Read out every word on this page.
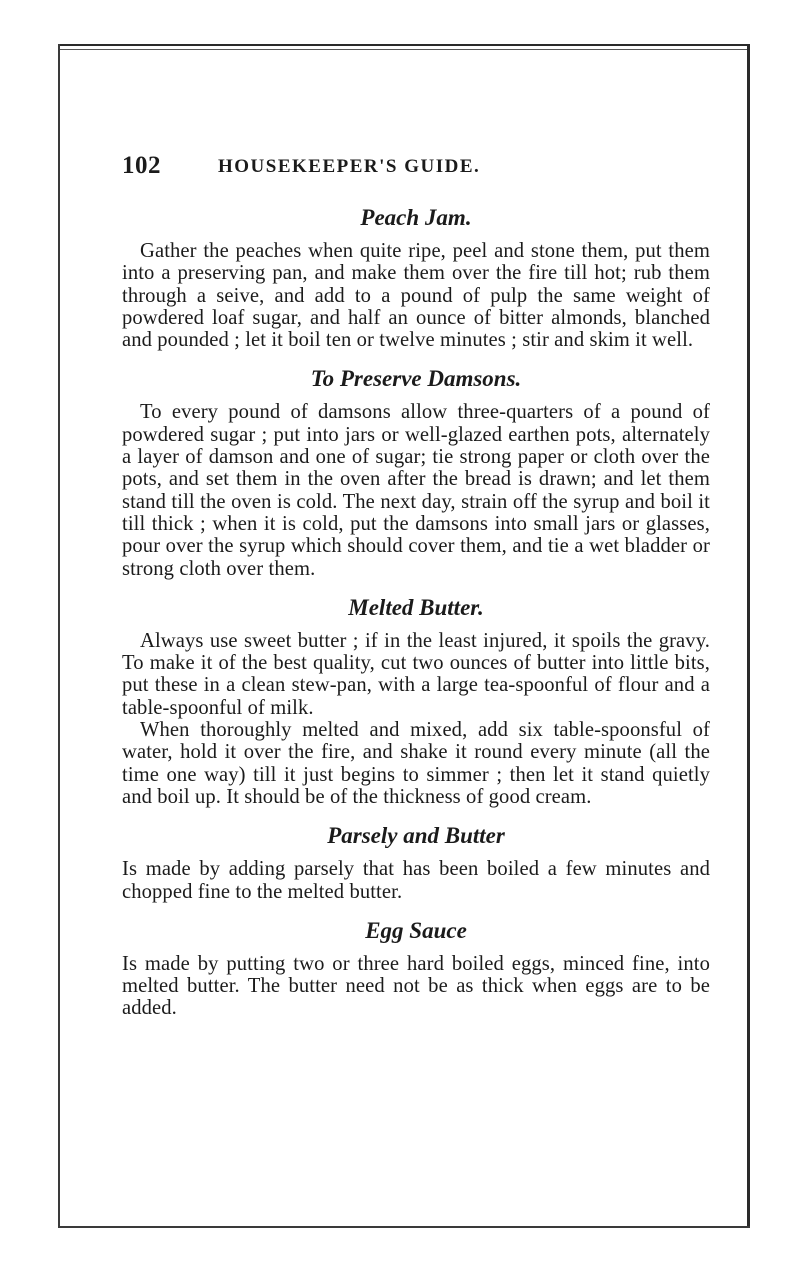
102	HOUSEKEEPER'S GUIDE.
Peach Jam.

Gather the peaches when quite ripe, peel and stone them, put them into a preserving pan, and make them over the fire till hot; rub them through a seive, and add to a pound of pulp the same weight of powdered loaf sugar, and half an ounce of bitter almonds, blanched and pounded ; let it boil ten or twelve minutes ; stir and skim it well.

To Preserve Damsons.

To every pound of damsons allow three-quarters of a pound of powdered sugar ; put into jars or well-glazed earthen pots, alternately a layer of damson and one of sugar; tie strong paper or cloth over the pots, and set them in the oven after the bread is drawn; and let them stand till the oven is cold. The next day, strain off the syrup and boil it till thick ; when it is cold, put the damsons into small jars or glasses, pour over the syrup which should cover them, and tie a wet bladder or strong cloth over them.

Melted Butter.

Always use sweet butter ; if in the least injured, it spoils the gravy. To make it of the best quality, cut two ounces of butter into little bits, put these in a clean stew-pan, with a large tea-spoonful of flour and a table-spoonful of milk.

When thoroughly melted and mixed, add six table-spoonsful of water, hold it over the fire, and shake it round every minute (all the time one way) till it just begins to simmer ; then let it stand quietly and boil up. It should be of the thickness of good cream.

Parsely and Butter

Is made by adding parsely that has been boiled a few minutes and chopped fine to the melted butter.

Egg Sauce

Is made by putting two or three hard boiled eggs, minced fine, into melted butter. The butter need not be as thick when eggs are to be added.
